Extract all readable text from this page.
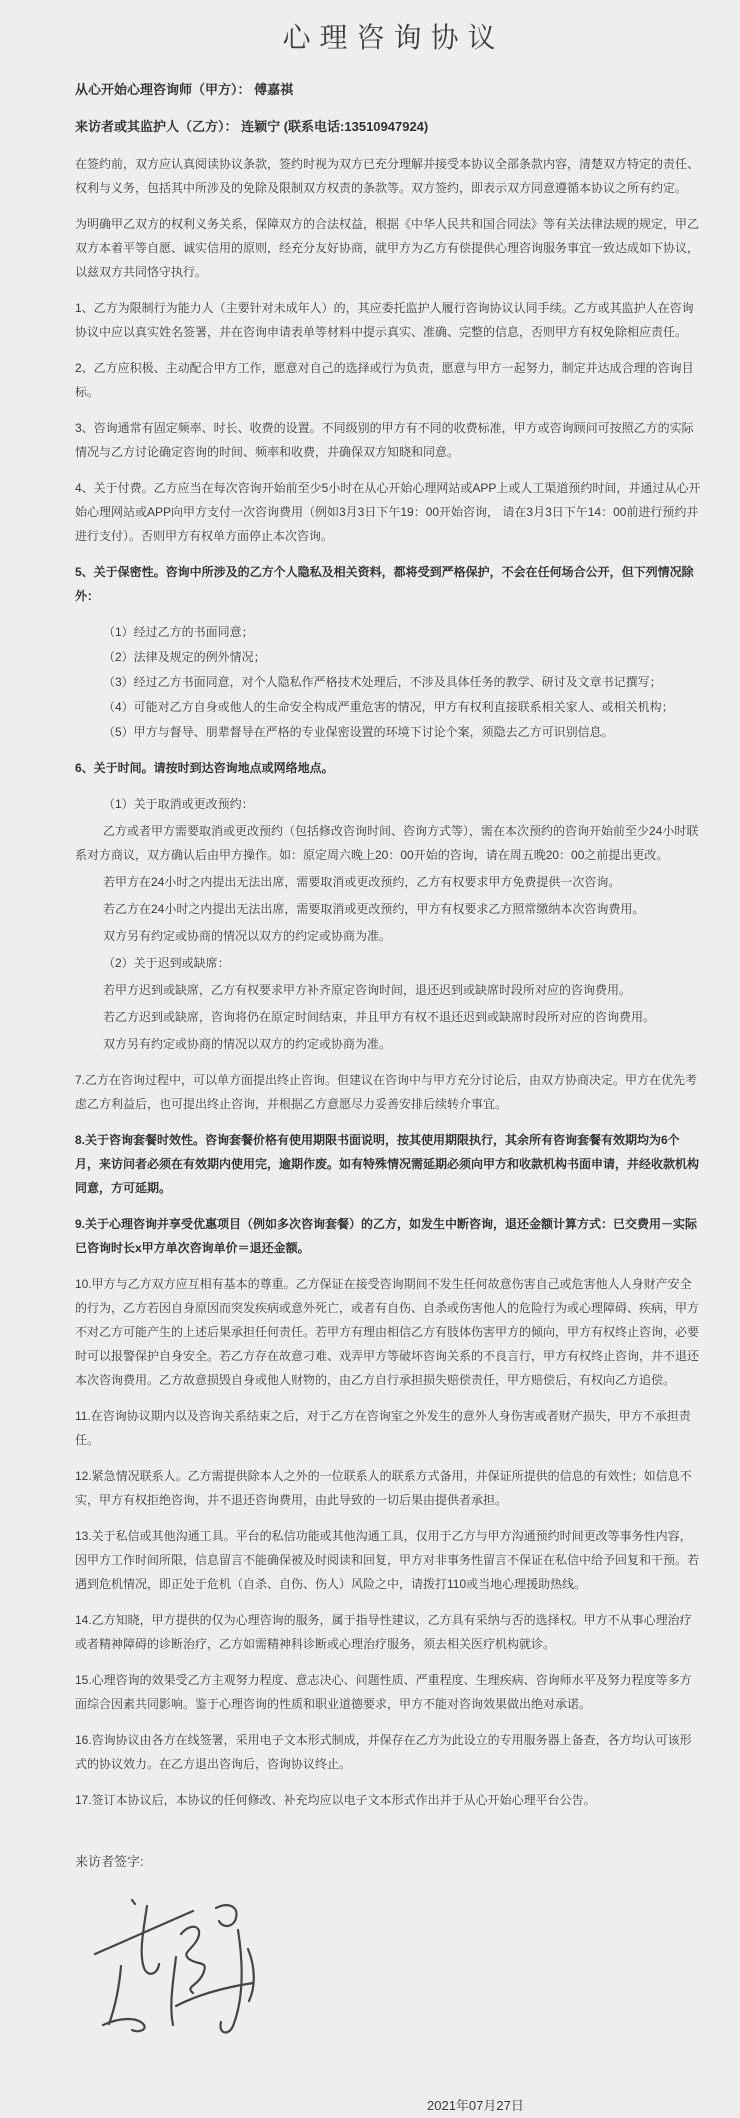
心理咨询协议
从心开始心理咨询师（甲方）： 傅嘉祺
来访者或其监护人（乙方）： 连颖宁 (联系电话:13510947924)
在签约前，双方应认真阅读协议条款，签约时视为双方已充分理解并接受本协议全部条款内容，清楚双方特定的责任、权利与义务，包括其中所涉及的免除及限制双方权责的条款等。双方签约，即表示双方同意遵循本协议之所有约定。
为明确甲乙双方的权利义务关系，保障双方的合法权益，根据《中华人民共和国合同法》等有关法律法规的规定，甲乙双方本着平等自愿、诚实信用的原则，经充分友好协商，就甲方为乙方有偿提供心理咨询服务事宜一致达成如下协议，以兹双方共同恪守执行。
1、乙方为限制行为能力人（主要针对未成年人）的，其应委托监护人履行咨询协议认同手续。乙方或其监护人在咨询协议中应以真实姓名签署，并在咨询申请表单等材料中提示真实、准确、完整的信息，否则甲方有权免除相应责任。
2、乙方应积极、主动配合甲方工作，愿意对自己的选择或行为负责，愿意与甲方一起努力，制定并达成合理的咨询目标。
3、咨询通常有固定频率、时长、收费的设置。不同级别的甲方有不同的收费标准，甲方或咨询顾问可按照乙方的实际情况与乙方讨论确定咨询的时间、频率和收费，并确保双方知晓和同意。
4、关于付费。乙方应当在每次咨询开始前至少5小时在从心开始心理网站或APP上或人工渠道预约时间，并通过从心开始心理网站或APP向甲方支付一次咨询费用（例如3月3日下午19：00开始咨询， 请在3月3日下午14：00前进行预约并进行支付）。否则甲方有权单方面停止本次咨询。
5、关于保密性。咨询中所涉及的乙方个人隐私及相关资料，都将受到严格保护，不会在任何场合公开，但下列情况除外：
（1）经过乙方的书面同意；
（2）法律及规定的例外情况；
（3）经过乙方书面同意，对个人隐私作严格技术处理后，不涉及具体任务的教学、研讨及文章书记撰写；
（4）可能对乙方自身或他人的生命安全构成严重危害的情况，甲方有权利直接联系相关家人、或相关机构；
（5）甲方与督导、朋辈督导在严格的专业保密设置的环境下讨论个案，须隐去乙方可识别信息。
6、关于时间。请按时到达咨询地点或网络地点。
（1）关于取消或更改预约：
乙方或者甲方需要取消或更改预约（包括修改咨询时间、咨询方式等），需在本次预约的咨询开始前至少24小时联系对方商议，双方确认后由甲方操作。如：原定周六晚上20：00开始的咨询，请在周五晚20：00之前提出更改。
若甲方在24小时之内提出无法出席，需要取消或更改预约，乙方有权要求甲方免费提供一次咨询。
若乙方在24小时之内提出无法出席，需要取消或更改预约，甲方有权要求乙方照常缴纳本次咨询费用。
双方另有约定或协商的情况以双方的约定或协商为准。
（2）关于迟到或缺席：
若甲方迟到或缺席，乙方有权要求甲方补齐原定咨询时间，退还迟到或缺席时段所对应的咨询费用。
若乙方迟到或缺席，咨询将仍在原定时间结束，并且甲方有权不退还迟到或缺席时段所对应的咨询费用。
双方另有约定或协商的情况以双方的约定或协商为准。
7.乙方在咨询过程中，可以单方面提出终止咨询。但建议在咨询中与甲方充分讨论后，由双方协商决定。甲方在优先考虑乙方利益后，也可提出终止咨询，并根据乙方意愿尽力妥善安排后续转介事宜。
8.关于咨询套餐时效性。咨询套餐价格有使用期限书面说明，按其使用期限执行，其余所有咨询套餐有效期均为6个月，来访问者必须在有效期内使用完，逾期作废。如有特殊情况需延期必须向甲方和收款机构书面申请，并经收款机构同意，方可延期。
9.关于心理咨询并享受优惠项目（例如多次咨询套餐）的乙方，如发生中断咨询，退还金额计算方式：已交费用－实际已咨询时长x甲方单次咨询单价＝退还金额。
10.甲方与乙方双方应互相有基本的尊重。乙方保证在接受咨询期间不发生任何故意伤害自己或危害他人人身财产安全的行为，乙方若因自身原因而突发疾病或意外死亡，或者有自伤、自杀或伤害他人的危险行为或心理障碍、疾病，甲方不对乙方可能产生的上述后果承担任何责任。若甲方有理由相信乙方有肢体伤害甲方的倾向，甲方有权终止咨询，必要时可以报警保护自身安全。若乙方存在故意刁难、戏弄甲方等破坏咨询关系的不良言行，甲方有权终止咨询，并不退还本次咨询费用。乙方故意损毁自身或他人财物的，由乙方自行承担损失赔偿责任，甲方赔偿后，有权向乙方追偿。
11.在咨询协议期内以及咨询关系结束之后，对于乙方在咨询室之外发生的意外人身伤害或者财产损失，甲方不承担责任。
12.紧急情况联系人。乙方需提供除本人之外的一位联系人的联系方式备用，并保证所提供的信息的有效性；如信息不实，甲方有权拒绝咨询，并不退还咨询费用，由此导致的一切后果由提供者承担。
13.关于私信或其他沟通工具。平台的私信功能或其他沟通工具，仅用于乙方与甲方沟通预约时间更改等事务性内容，因甲方工作时间所限，信息留言不能确保被及时阅读和回复，甲方对非事务性留言不保证在私信中给予回复和干预。若遇到危机情况，即正处于危机（自杀、自伤、伤人）风险之中，请拨打110或当地心理援助热线。
14.乙方知晓，甲方提供的仅为心理咨询的服务，属于指导性建议，乙方具有采纳与否的选择权。甲方不从事心理治疗或者精神障碍的诊断治疗，乙方如需精神科诊断或心理治疗服务，须去相关医疗机构就诊。
15.心理咨询的效果受乙方主观努力程度、意志决心、问题性质、严重程度、生理疾病、咨询师水平及努力程度等多方面综合因素共同影响。鉴于心理咨询的性质和职业道德要求，甲方不能对咨询效果做出绝对承诺。
16.咨询协议由各方在线签署，采用电子文本形式制成，并保存在乙方为此设立的专用服务器上备查，各方均认可该形式的协议效力。在乙方退出咨询后，咨询协议终止。
17.签订本协议后，本协议的任何修改、补充均应以电子文本形式作出并于从心开始心理平台公告。
来访者签字:
2021年07月27日
